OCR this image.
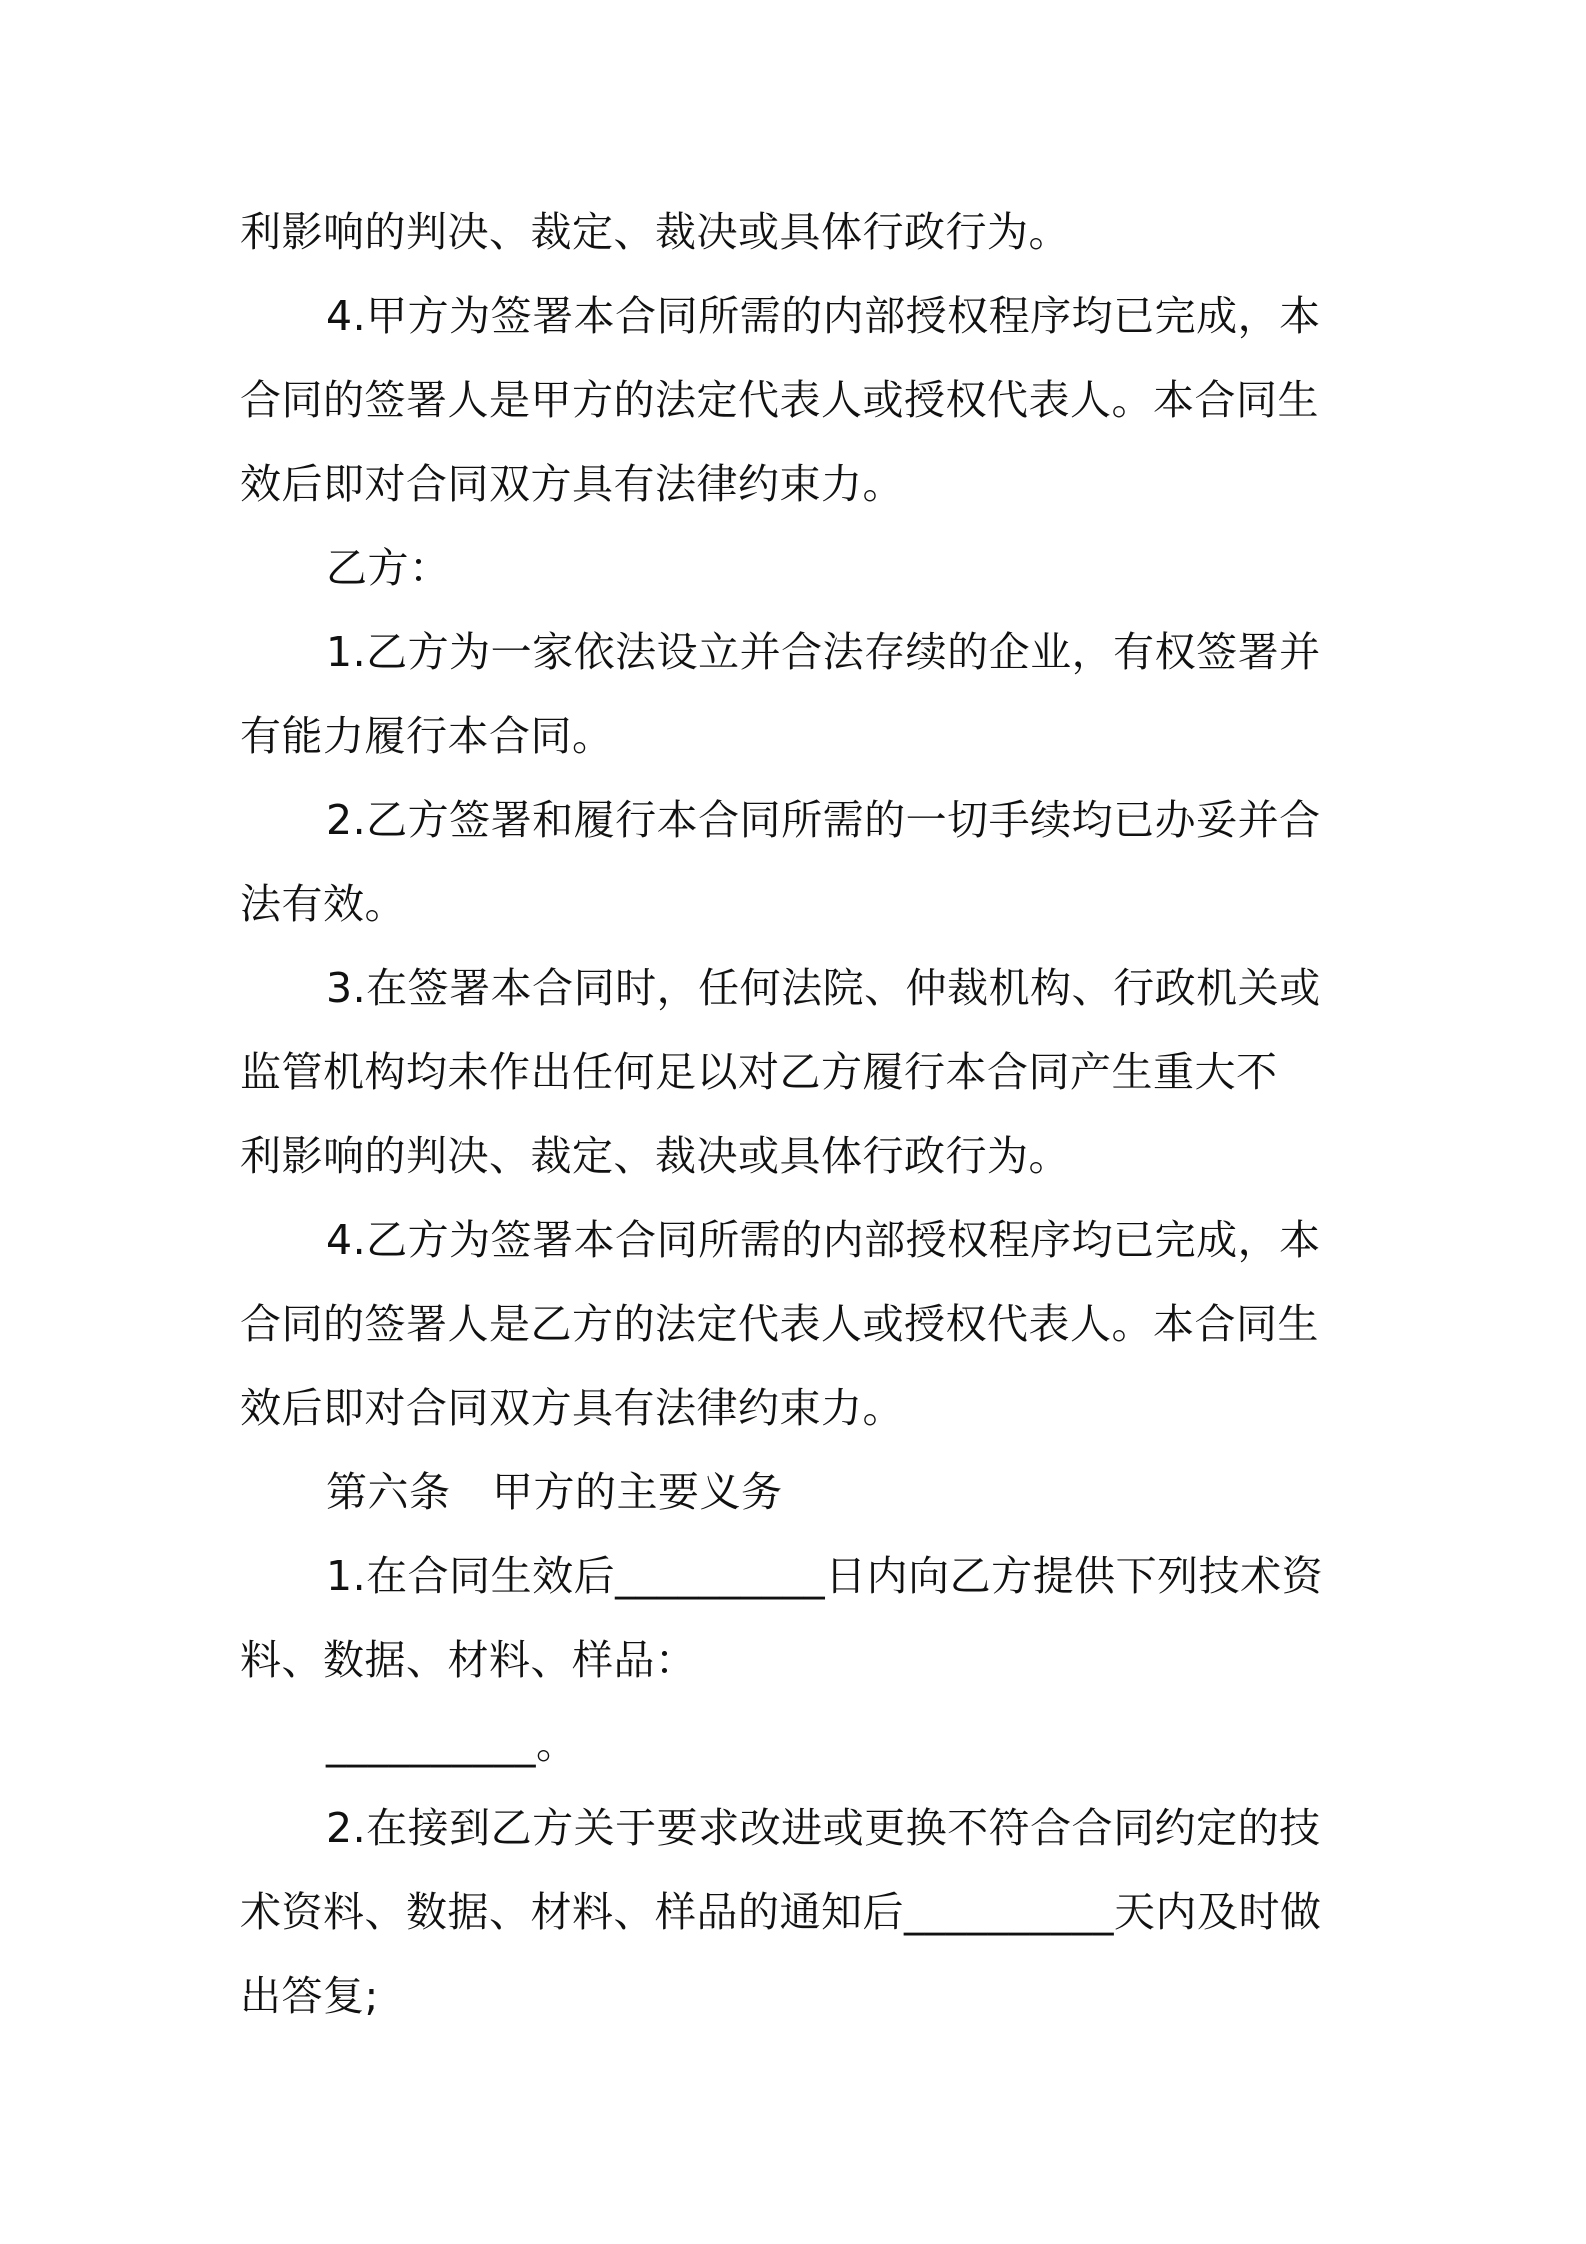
利影响的判决、裁定、裁决或具体行政行为。
4.甲方为签署本合同所需的内部授权程序均已完成，本
合同的签署人是甲方的法定代表人或授权代表人。本合同生
效后即对合同双方具有法律约束力。
乙方：
1.乙方为一家依法设立并合法存续的企业，有权签署并
有能力履行本合同。
2.乙方签署和履行本合同所需的一切手续均已办妥并合
法有效。
3.在签署本合同时，任何法院、仲裁机构、行政机关或
监管机构均未作出任何足以对乙方履行本合同产生重大不
利影响的判决、裁定、裁决或具体行政行为。
4.乙方为签署本合同所需的内部授权程序均已完成，本
合同的签署人是乙方的法定代表人或授权代表人。本合同生
效后即对合同双方具有法律约束力。
第六条　甲方的主要义务
1.在合同生效后__________日内向乙方提供下列技术资
料、数据、材料、样品：
__________。
2.在接到乙方关于要求改进或更换不符合合同约定的技
术资料、数据、材料、样品的通知后__________天内及时做
出答复;
